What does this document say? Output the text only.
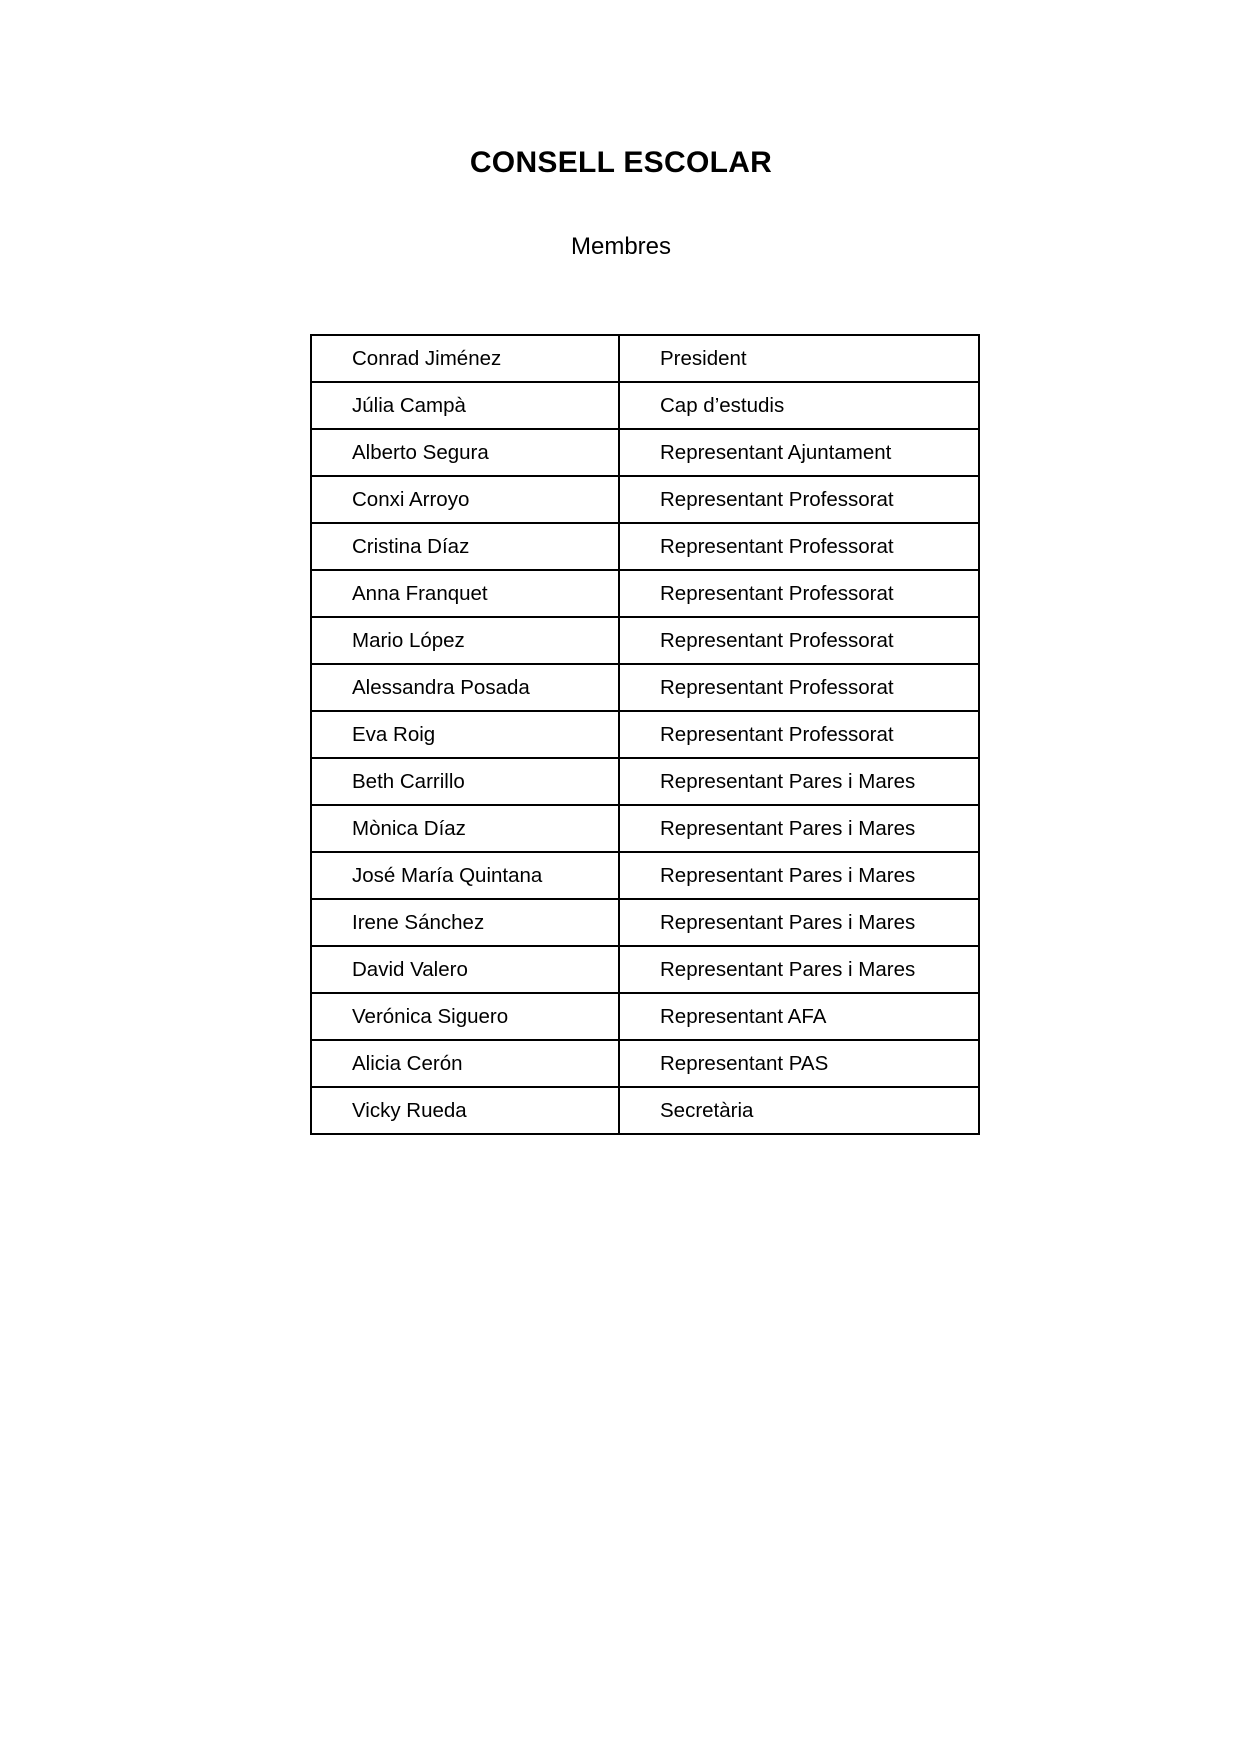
CONSELL ESCOLAR
Membres
Conrad Jiménez	President
Júlia Campà	Cap d’estudis
Alberto Segura	Representant Ajuntament
Conxi Arroyo	Representant Professorat
Cristina Díaz	Representant Professorat
Anna Franquet	Representant Professorat
Mario López	Representant Professorat
Alessandra Posada	Representant Professorat
Eva Roig	Representant Professorat
Beth Carrillo	Representant Pares i Mares
Mònica Díaz	Representant Pares i Mares
José María Quintana	Representant Pares i Mares
Irene Sánchez	Representant Pares i Mares
David Valero	Representant Pares i Mares
Verónica Siguero	Representant AFA
Alicia Cerón	Representant PAS
Vicky Rueda	Secretària
